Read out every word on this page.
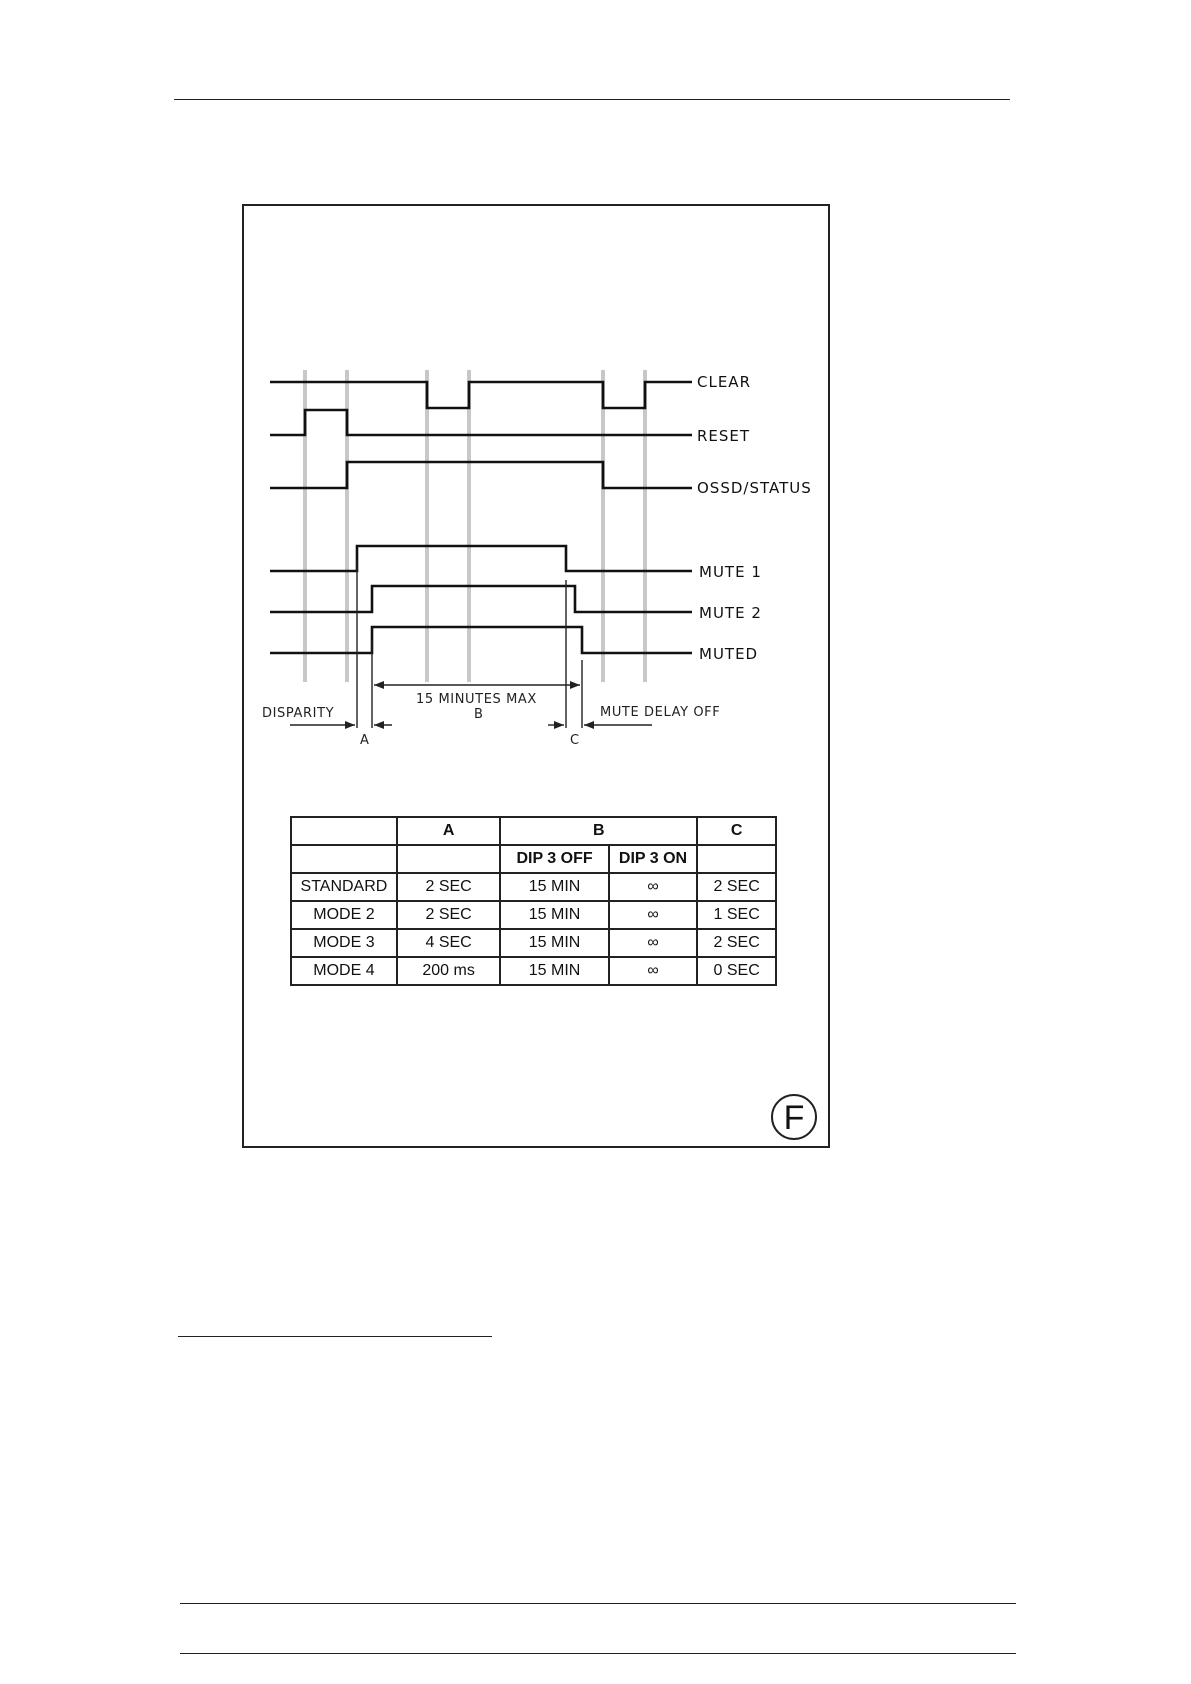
CLEAR
RESET
OSSD/STATUS
MUTE 1
MUTE 2
MUTED
DISPARITY
A
15 MINUTES MAX
B
C
MUTE DELAY OFF
	A	B		C
		DIP 3 OFF	DIP 3 ON	
STANDARD	2 SEC	15 MIN	∞	2 SEC
MODE 2	2 SEC	15 MIN	∞	1 SEC
MODE 3	4 SEC	15 MIN	∞	2 SEC
MODE 4	200 ms	15 MIN	∞	0 SEC
F
